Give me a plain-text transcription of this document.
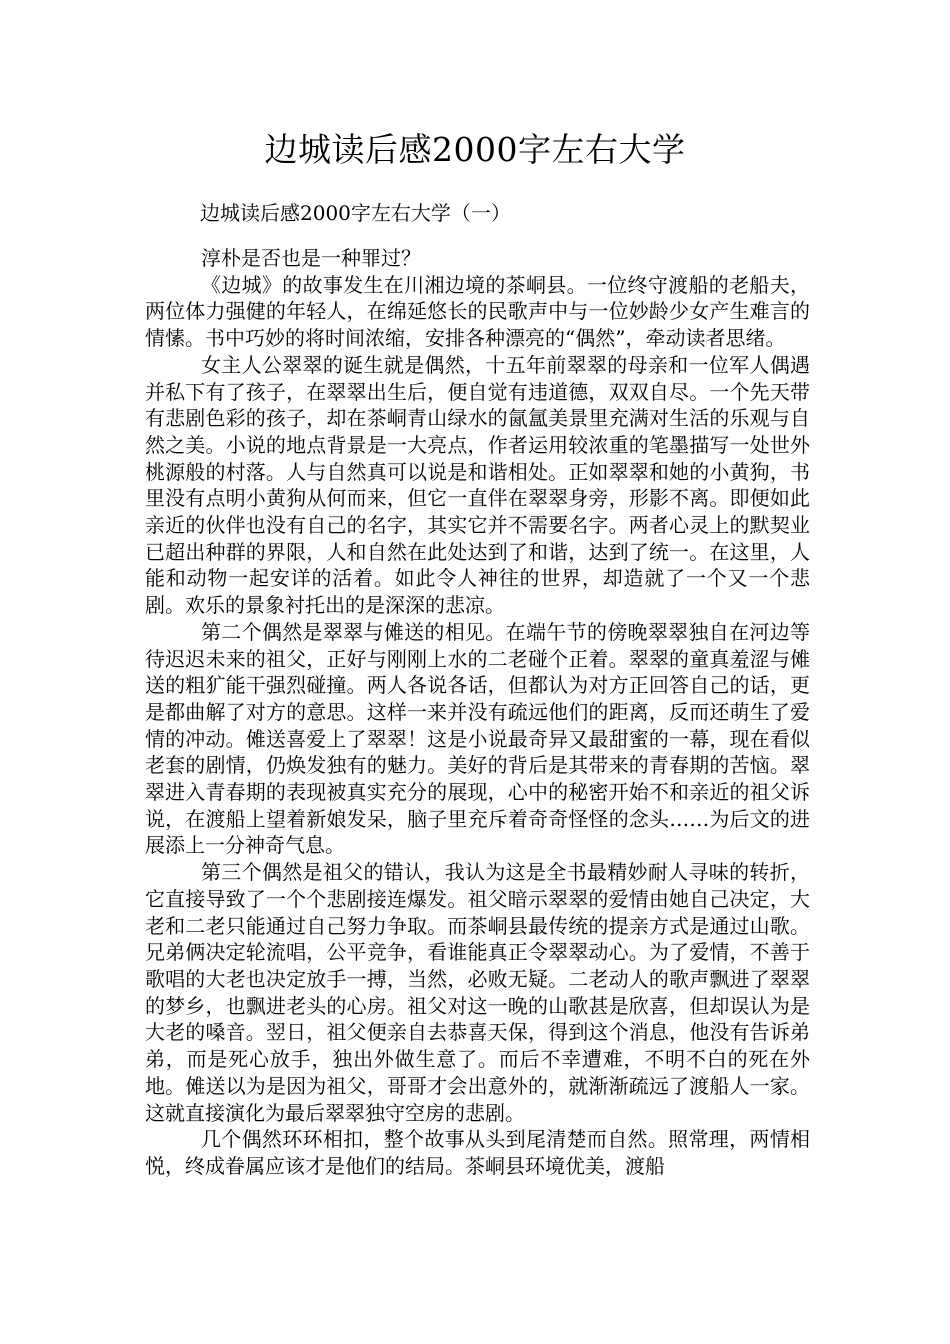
边城读后感2000字左右大学

边城读后感2000字左右大学（一）

淳朴是否也是一种罪过？

《边城》的故事发生在川湘边境的茶峒县。一位终守渡船的老船夫，两位体力强健的年轻人，在绵延悠长的民歌声中与一位妙龄少女产生难言的情愫。书中巧妙的将时间浓缩，安排各种漂亮的“偶然”，牵动读者思绪。

女主人公翠翠的诞生就是偶然，十五年前翠翠的母亲和一位军人偶遇并私下有了孩子，在翠翠出生后，便自觉有违道德，双双自尽。一个先天带有悲剧色彩的孩子，却在茶峒青山绿水的氤氲美景里充满对生活的乐观与自然之美。小说的地点背景是一大亮点，作者运用较浓重的笔墨描写一处世外桃源般的村落。人与自然真可以说是和谐相处。正如翠翠和她的小黄狗，书里没有点明小黄狗从何而来，但它一直伴在翠翠身旁，形影不离。即便如此亲近的伙伴也没有自己的名字，其实它并不需要名字。两者心灵上的默契业已超出种群的界限，人和自然在此处达到了和谐，达到了统一。在这里，人能和动物一起安详的活着。如此令人神往的世界，却造就了一个又一个悲剧。欢乐的景象衬托出的是深深的悲凉。

第二个偶然是翠翠与傩送的相见。在端午节的傍晚翠翠独自在河边等待迟迟未来的祖父，正好与刚刚上水的二老碰个正着。翠翠的童真羞涩与傩送的粗犷能干强烈碰撞。两人各说各话，但都认为对方正回答自己的话，更是都曲解了对方的意思。这样一来并没有疏远他们的距离，反而还萌生了爱情的冲动。傩送喜爱上了翠翠！这是小说最奇异又最甜蜜的一幕，现在看似老套的剧情，仍焕发独有的魅力。美好的背后是其带来的青春期的苦恼。翠翠进入青春期的表现被真实充分的展现，心中的秘密开始不和亲近的祖父诉说，在渡船上望着新娘发呆，脑子里充斥着奇奇怪怪的念头……为后文的进展添上一分神奇气息。

第三个偶然是祖父的错认，我认为这是全书最精妙耐人寻味的转折，它直接导致了一个个悲剧接连爆发。祖父暗示翠翠的爱情由她自己决定，大老和二老只能通过自己努力争取。而茶峒县最传统的提亲方式是通过山歌。兄弟俩决定轮流唱，公平竞争，看谁能真正令翠翠动心。为了爱情，不善于歌唱的大老也决定放手一搏，当然，必败无疑。二老动人的歌声飘进了翠翠的梦乡，也飘进老头的心房。祖父对这一晚的山歌甚是欣喜，但却误认为是大老的嗓音。翌日，祖父便亲自去恭喜天保，得到这个消息，他没有告诉弟弟，而是死心放手，独出外做生意了。而后不幸遭难，不明不白的死在外地。傩送以为是因为祖父，哥哥才会出意外的，就渐渐疏远了渡船人一家。这就直接演化为最后翠翠独守空房的悲剧。

几个偶然环环相扣，整个故事从头到尾清楚而自然。照常理，两情相悦，终成眷属应该才是他们的结局。茶峒县环境优美，渡船
